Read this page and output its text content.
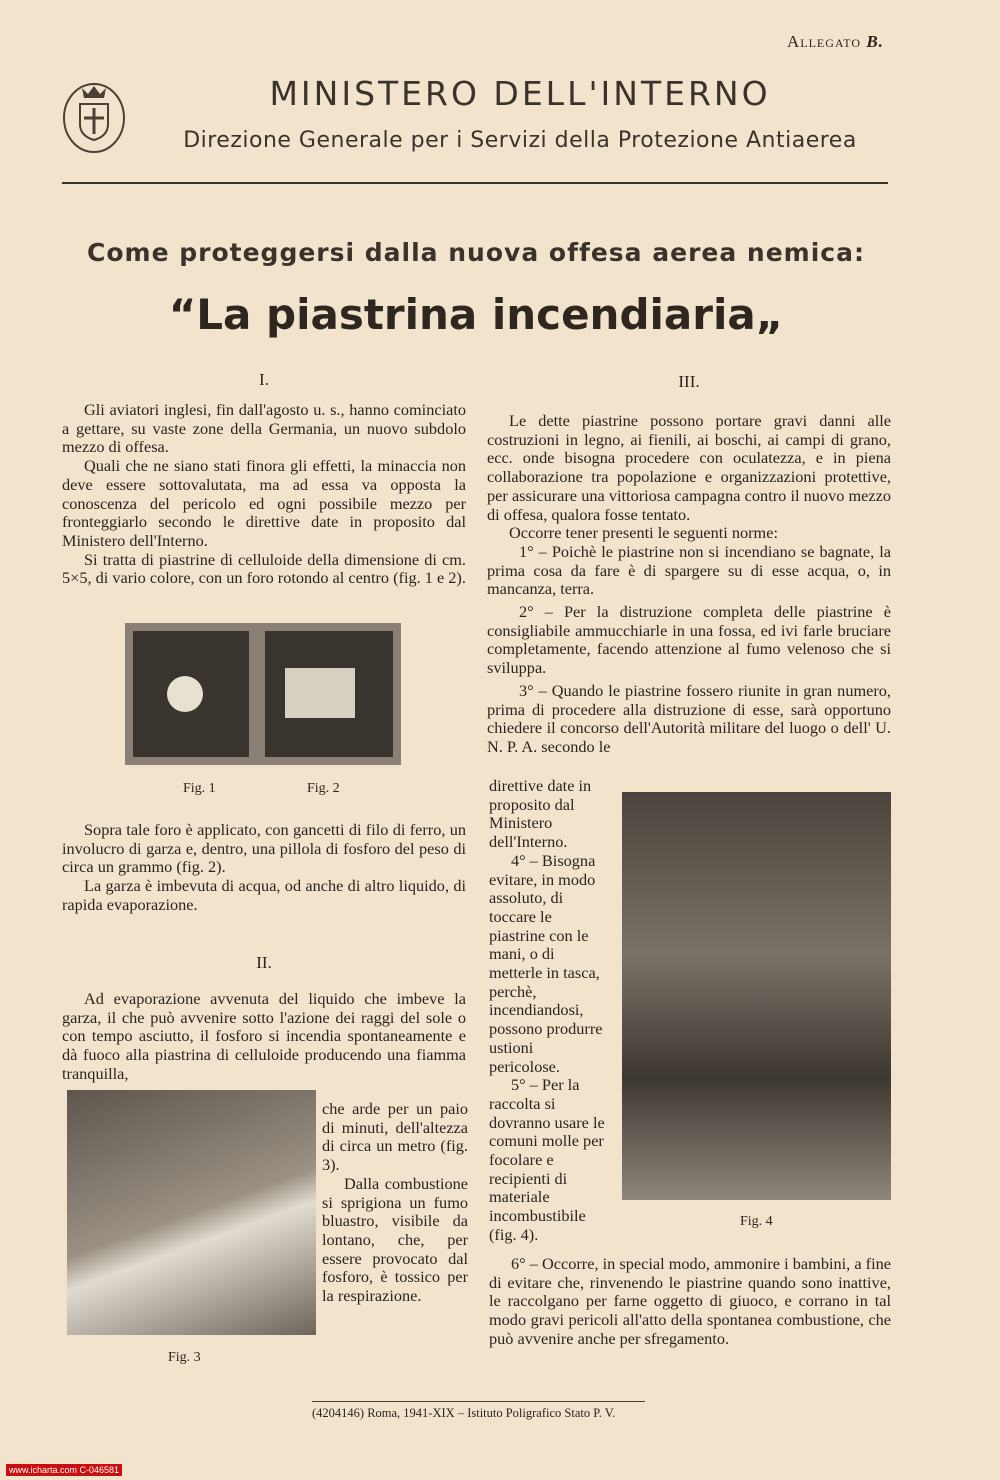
Allegato B.
MINISTERO DELL'INTERNO
Direzione Generale per i Servizi della Protezione Antiaerea
Come proteggersi dalla nuova offesa aerea nemica:
“La piastrina incendiaria„
I.

Gli aviatori inglesi, fin dall'agosto u. s., hanno cominciato a gettare, su vaste zone della Germania, un nuovo subdolo mezzo di offesa.

Quali che ne siano stati finora gli effetti, la minaccia non deve essere sottovalutata, ma ad essa va opposta la conoscenza del pericolo ed ogni possibile mezzo per fronteggiarlo secondo le direttive date in proposito dal Ministero dell'Interno.

Si tratta di piastrine di celluloide della dimensione di cm. 5×5, di vario colore, con un foro rotondo al centro (fig. 1 e 2).

Fig. 1	Fig. 2

Sopra tale foro è applicato, con gancetti di filo di ferro, un involucro di garza e, dentro, una pillola di fosforo del peso di circa un grammo (fig. 2).

La garza è imbevuta di acqua, od anche di altro liquido, di rapida evaporazione.

II.

Ad evaporazione avvenuta del liquido che imbeve la garza, il che può avvenire sotto l'azione dei raggi del sole o con tempo asciutto, il fosforo si incendia spontaneamente e dà fuoco alla piastrina di celluloide producendo una fiamma tranquilla,

Fig. 3

che arde per un paio di minuti, dell'altezza di circa un metro (fig. 3).

Dalla combustione si sprigiona un fumo bluastro, visibile da lontano, che, per essere provocato dal fosforo, è tossico per la respirazione.

III.

Le dette piastrine possono portare gravi danni alle costruzioni in legno, ai fienili, ai boschi, ai campi di grano, ecc. onde bisogna procedere con oculatezza, e in piena collaborazione tra popolazione e organizzazioni protettive, per assicurare una vittoriosa campagna contro il nuovo mezzo di offesa, qualora fosse tentato.

Occorre tener presenti le seguenti norme:

1° – Poichè le piastrine non si incendiano se bagnate, la prima cosa da fare è di spargere su di esse acqua, o, in mancanza, terra.

2° – Per la distruzione completa delle piastrine è consigliabile ammucchiarle in una fossa, ed ivi farle bruciare completamente, facendo attenzione al fumo velenoso che si sviluppa.

3° – Quando le piastrine fossero riunite in gran numero, prima di procedere alla distruzione di esse, sarà opportuno chiedere il concorso dell'Autorità militare del luogo o dell' U. N. P. A. secondo le

direttive date in proposito dal Ministero dell'Interno.

4° – Bisogna evitare, in modo assoluto, di toccare le piastrine con le mani, o di metterle in tasca, perchè, incendiandosi, possono produrre ustioni pericolose.

5° – Per la raccolta si dovranno usare le comuni molle per focolare e recipienti di materiale incombustibile (fig. 4).

Fig. 4

6° – Occorre, in special modo, ammonire i bambini, a fine di evitare che, rinvenendo le piastrine quando sono inattive, le raccolgano per farne oggetto di giuoco, e corrano in tal modo gravi pericoli all'atto della spontanea combustione, che può avvenire anche per sfregamento.

(4204146) Roma, 1941-XIX – Istituto Poligrafico Stato P. V.
www.icharta.com C-046581
